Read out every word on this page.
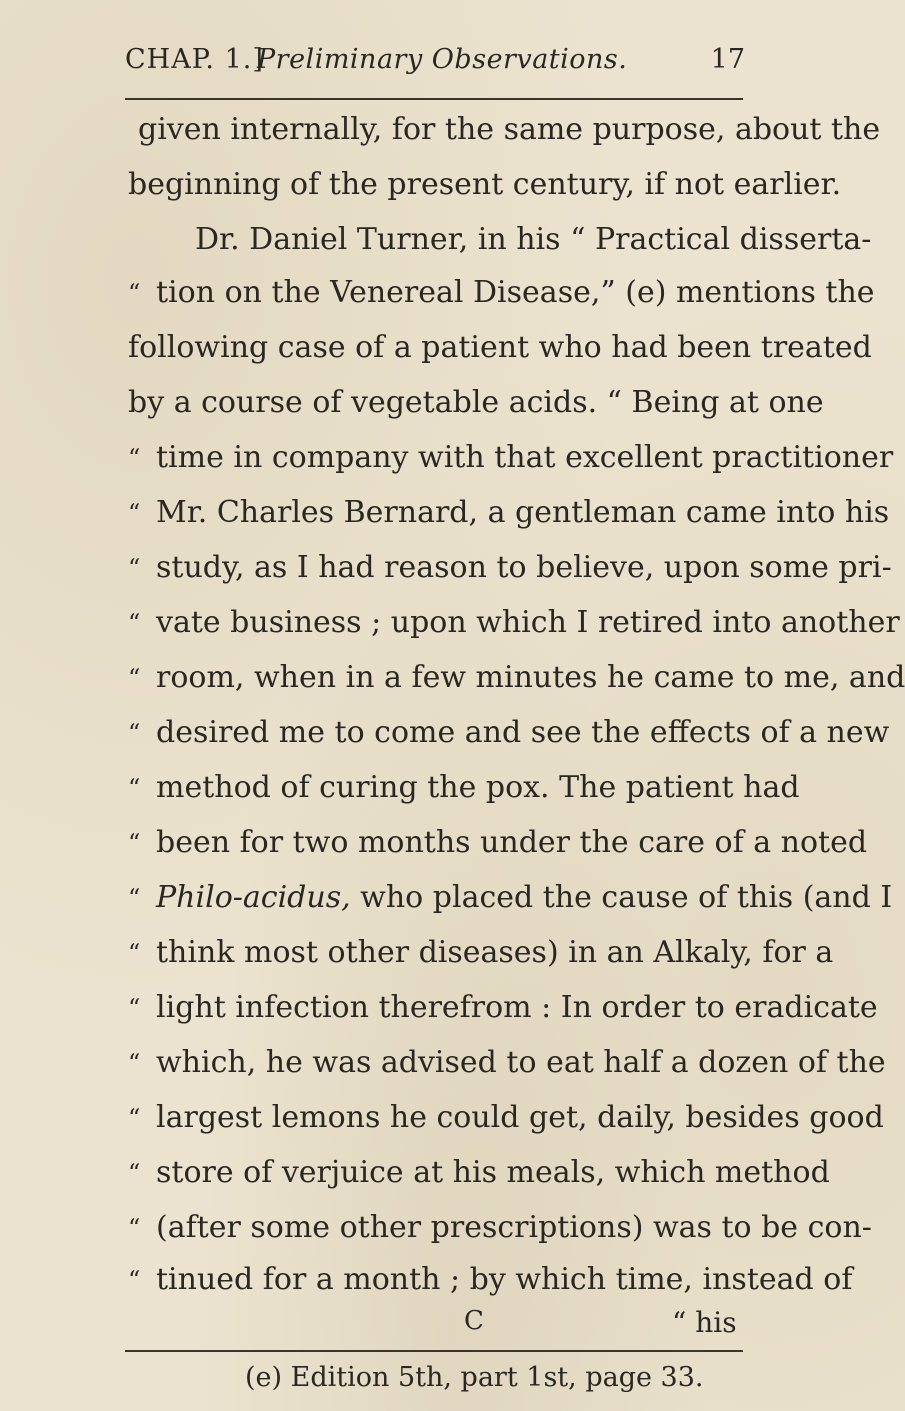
CHAP. 1.]
Preliminary Observations.	17
given internally, for the same purpose, about the
beginning of the present century, if not earlier.
Dr. Daniel Turner, in his “ Practical disserta-
“ tion on the Venereal Disease,” (e) mentions the
following case of a patient who had been treated
by a course of vegetable acids. “ Being at one
“ time in company with that excellent practitioner
“ Mr. Charles Bernard, a gentleman came into his
“ study, as I had reason to believe, upon some pri-
“ vate business ; upon which I retired into another
“ room, when in a few minutes he came to me, and
“ desired me to come and see the effects of a new
“ method of curing the pox. The patient had
“ been for two months under the care of a noted
“ Philo-acidus, who placed the cause of this (and I
“ think most other diseases) in an Alkaly, for a
“ light infection therefrom : In order to eradicate
“ which, he was advised to eat half a dozen of the
“ largest lemons he could get, daily, besides good
“ store of verjuice at his meals, which method
“ (after some other prescriptions) was to be con-
“ tinued for a month ; by which time, instead of
C	“ his
(e) Edition 5th, part 1st, page 33.
